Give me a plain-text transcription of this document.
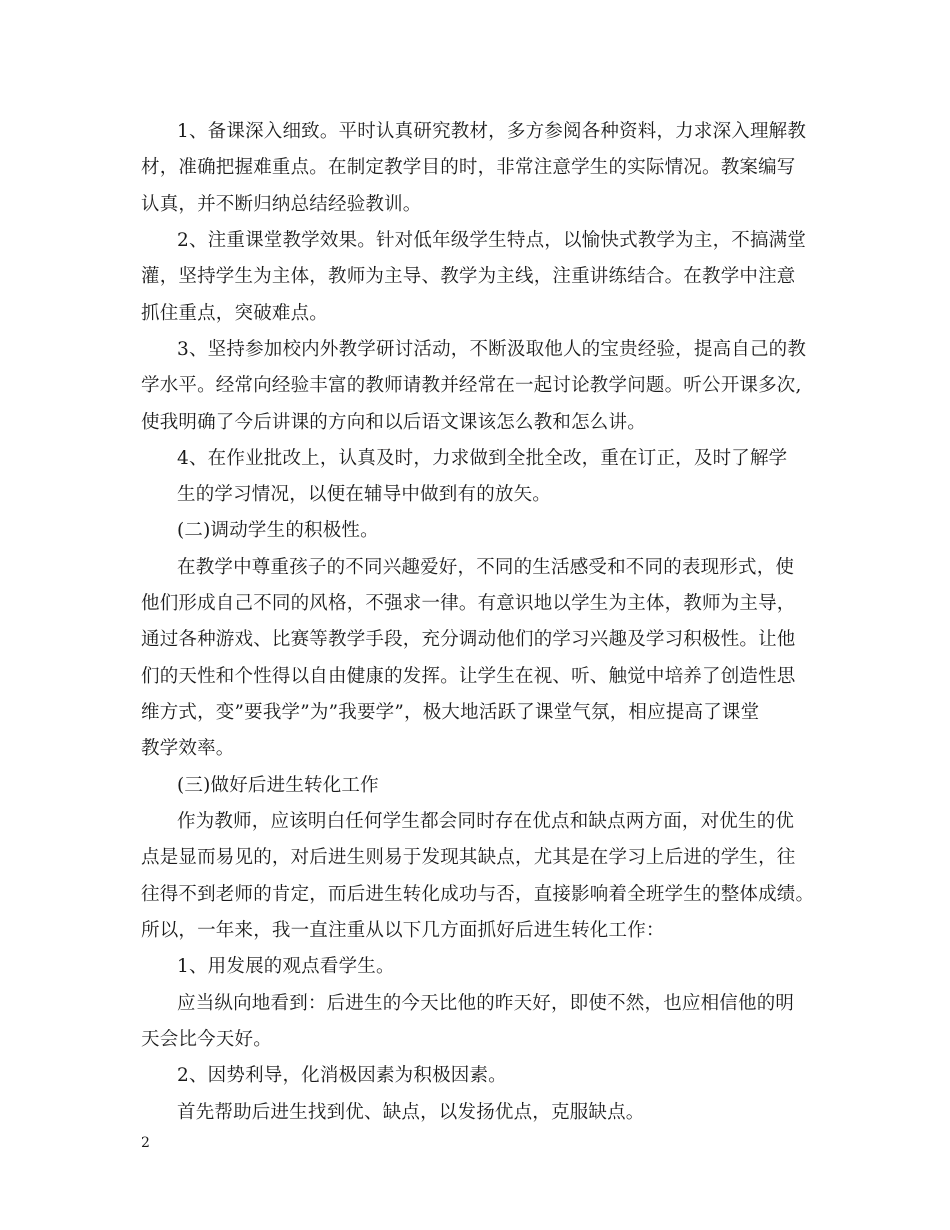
1、备课深入细致。平时认真研究教材，多方参阅各种资料，力求深入理解教
材，准确把握难重点。在制定教学目的时，非常注意学生的实际情况。教案编写
认真，并不断归纳总结经验教训。
2、注重课堂教学效果。针对低年级学生特点，以愉快式教学为主，不搞满堂
灌，坚持学生为主体，教师为主导、教学为主线，注重讲练结合。在教学中注意
抓住重点，突破难点。
3、坚持参加校内外教学研讨活动，不断汲取他人的宝贵经验，提高自己的教
学水平。经常向经验丰富的教师请教并经常在一起讨论教学问题。听公开课多次,
使我明确了今后讲课的方向和以后语文课该怎么教和怎么讲。
4、在作业批改上，认真及时，力求做到全批全改，重在订正，及时了解学
生的学习情况，以便在辅导中做到有的放矢。
(二)调动学生的积极性。
在教学中尊重孩子的不同兴趣爱好，不同的生活感受和不同的表现形式，使
他们形成自己不同的风格，不强求一律。有意识地以学生为主体，教师为主导，
通过各种游戏、比赛等教学手段，充分调动他们的学习兴趣及学习积极性。让他
们的天性和个性得以自由健康的发挥。让学生在视、听、触觉中培养了创造性思
维方式，变”要我学”为”我要学”，极大地活跃了课堂气氛，相应提高了课堂
教学效率。
(三)做好后进生转化工作
作为教师，应该明白任何学生都会同时存在优点和缺点两方面，对优生的优
点是显而易见的，对后进生则易于发现其缺点，尤其是在学习上后进的学生，往
往得不到老师的肯定，而后进生转化成功与否，直接影响着全班学生的整体成绩。
所以，一年来，我一直注重从以下几方面抓好后进生转化工作：
1、用发展的观点看学生。
应当纵向地看到：后进生的今天比他的昨天好，即使不然，也应相信他的明
天会比今天好。
2、因势利导，化消极因素为积极因素。
首先帮助后进生找到优、缺点，以发扬优点，克服缺点。
2
